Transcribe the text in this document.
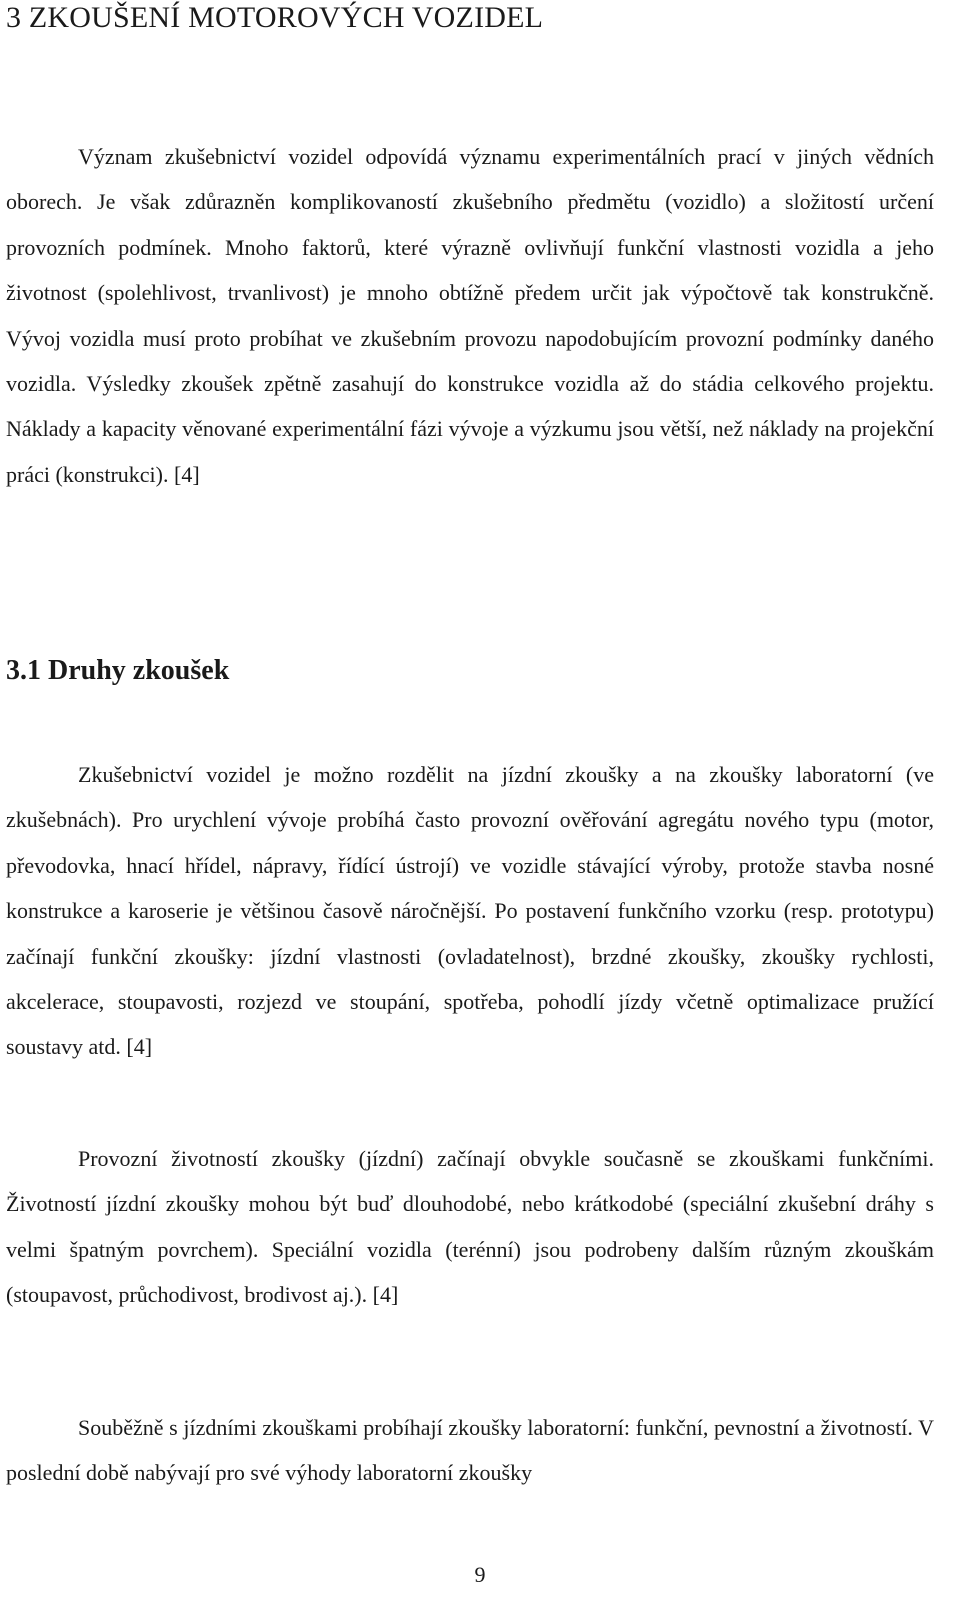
3 ZKOUŠENÍ MOTOROVÝCH VOZIDEL

Význam zkušebnictví vozidel odpovídá významu experimentálních prací v jiných vědních oborech. Je však zdůrazněn komplikovaností zkušebního předmětu (vozidlo) a složitostí určení provozních podmínek. Mnoho faktorů, které výrazně ovlivňují funkční vlastnosti vozidla a jeho životnost (spolehlivost, trvanlivost) je mnoho obtížně předem určit jak výpočtově tak konstrukčně. Vývoj vozidla musí proto probíhat ve zkušebním provozu napodobujícím provozní podmínky daného vozidla. Výsledky zkoušek zpětně zasahují do konstrukce vozidla až do stádia celkového projektu. Náklady a kapacity věnované experimentální fázi vývoje a výzkumu jsou větší, než náklady na projekční práci (konstrukci). [4]

3.1 Druhy zkoušek

Zkušebnictví vozidel je možno rozdělit na jízdní zkoušky a na zkoušky laboratorní (ve zkušebnách). Pro urychlení vývoje probíhá často provozní ověřování agregátu nového typu (motor, převodovka, hnací hřídel, nápravy, řídící ústrojí) ve vozidle stávající výroby, protože stavba nosné konstrukce a karoserie je většinou časově náročnější. Po postavení funkčního vzorku (resp. prototypu) začínají funkční zkoušky: jízdní vlastnosti (ovladatelnost), brzdné zkoušky, zkoušky rychlosti, akcelerace, stoupavosti, rozjezd ve stoupání, spotřeba, pohodlí jízdy včetně optimalizace pružící soustavy atd. [4]

Provozní životností zkoušky (jízdní) začínají obvykle současně se zkouškami funkčními. Životností jízdní zkoušky mohou být buď dlouhodobé, nebo krátkodobé (speciální zkušební dráhy s velmi špatným povrchem). Speciální vozidla (terénní) jsou podrobeny dalším různým zkouškám (stoupavost, průchodivost, brodivost aj.). [4]

Souběžně s jízdními zkouškami probíhají zkoušky laboratorní: funkční, pevnostní a životností. V poslední době nabývají pro své výhody laboratorní zkoušky

9
